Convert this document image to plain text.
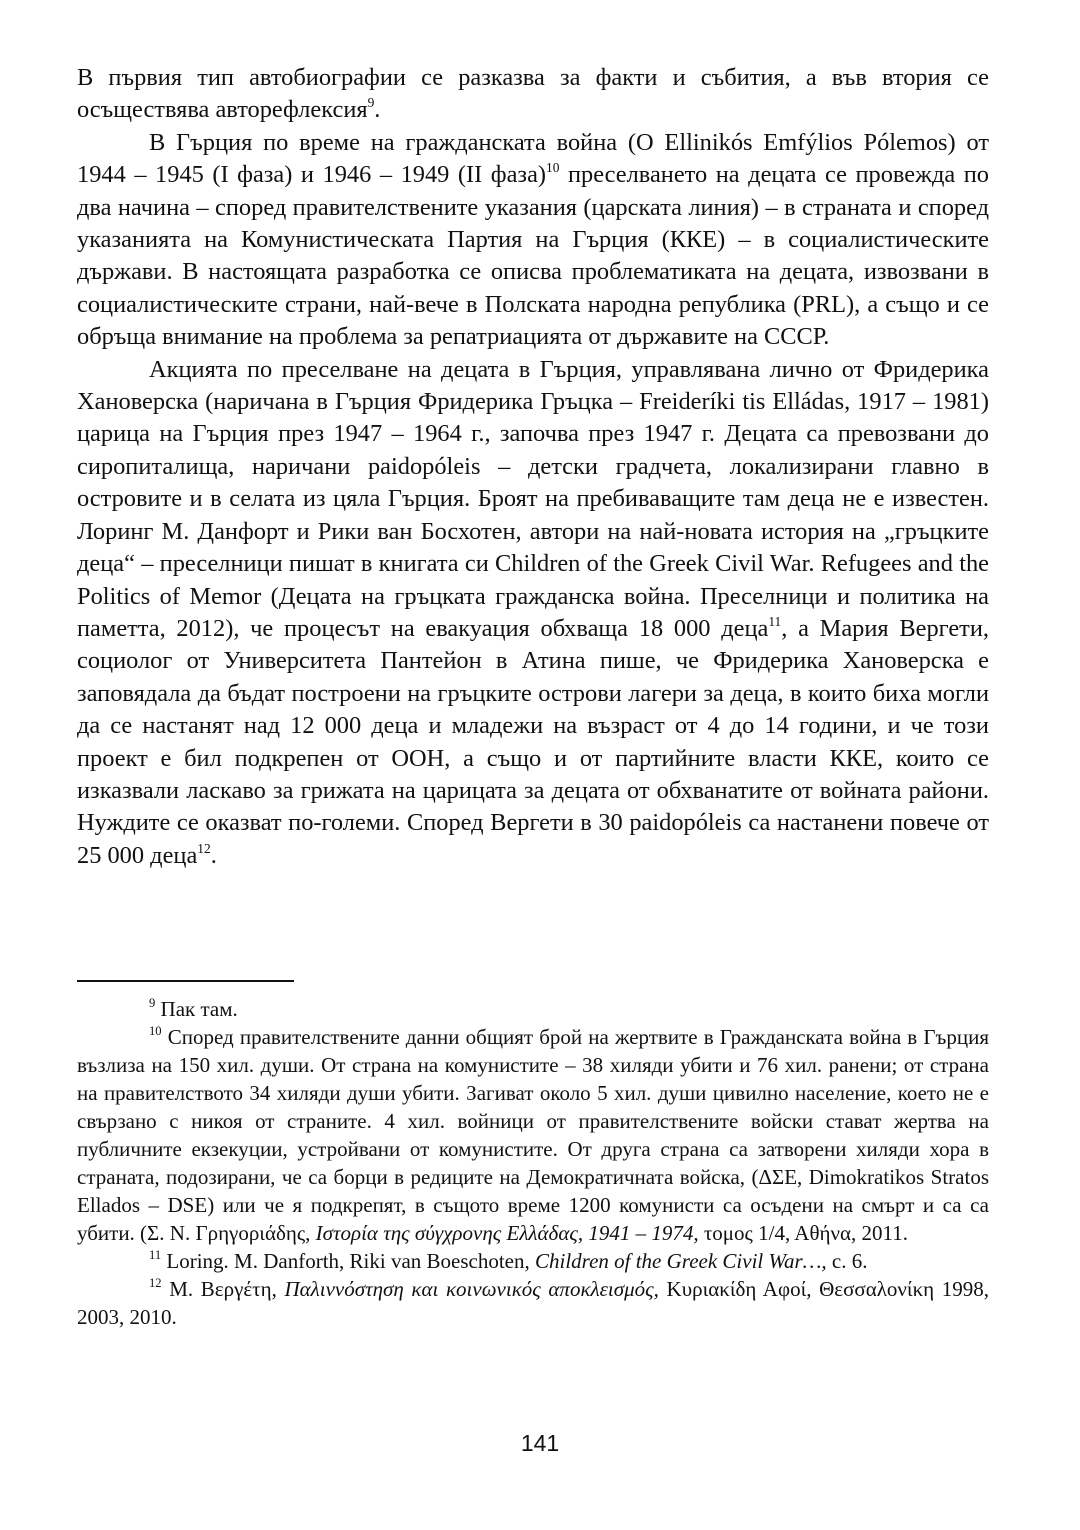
В първия тип автобиографии се разказва за факти и събития, а във втория се осъществява авторефлексия$^9$.

В Гърция по време на гражданската война (O Ellinikós Emfýlios Pólemos) от 1944 – 1945 (I фаза) и 1946 – 1949 (II фаза)$^{10}$ преселването на децата се провежда по два начина – според правителствените указания (царската линия) – в страната и според указанията на Комунистическата Партия на Гърция (ККЕ) – в социалистическите държави. В настоящата разработка се описва проблематиката на децата, извозвани в социалистическите страни, най-вече в Полската народна република (PRL), а също и се обръща внимание на проблема за репатриацията от държавите на СССР.

Акцията по преселване на децата в Гърция, управлявана лично от Фридерика Хановерска (наричана в Гърция Фридерика Гръцка – Freideríki tis Elládas, 1917 – 1981) царица на Гърция през 1947 – 1964 г., започва през 1947 г. Децата са превозвани до сиропиталища, наричани paidopóleis – детски градчета, локализирани главно в островите и в селата из цяла Гърция. Броят на пребиваващите там деца не е известен. Лоринг М. Данфорт и Рики ван Босхотен, автори на най-новата история на „гръцките деца“ – преселници пишат в книгата си Children of the Greek Civil War. Refugees and the Politics of Memor (Децата на гръцката гражданска война. Преселници и политика на паметта, 2012), че процесът на евакуация обхваща 18 000 деца$^{11}$, а Мария Вергети, социолог от Университета Пантейон в Атина пише, че Фридерика Хановерска е заповядала да бъдат построени на гръцките острови лагери за деца, в които биха могли да се настанят над 12 000 деца и младежи на възраст от 4 до 14 години, и че този проект е бил подкрепен от ООН, а също и от партийните власти ККЕ, които се изказвали ласкаво за грижата на царицата за децата от обхванатите от войната райони. Нуждите се оказват по-големи. Според Вергети в 30 paidopóleis са настанени повече от 25 000 деца$^{12}$.

$^9$ Пак там.

$^{10}$ Според правителствените данни общият брой на жертвите в Гражданската война в Гърция възлиза на 150 хил. души. От страна на комунистите – 38 хиляди убити и 76 хил. ранени; от страна на правителството 34 хиляди души убити. Загиват около 5 хил. души цивилно население, което не е свързано с никоя от страните. 4 хил. войници от правителствените войски стават жертва на публичните екзекуции, устройвани от комунистите. От друга страна са затворени хиляди хора в страната, подозирани, че са борци в редиците на Демократичната войска, (ΔΣΕ, Dimokratikos Stratos Ellados – DSE) или че я подкрепят, в същото време 1200 комунисти са осъдени на смърт и са са убити. (Σ. Ν. Γρηγοριάδης, Ιστορία της σύγχρονης Ελλάδας, 1941 – 1974, τομος 1/4, Αθήνα, 2011.

$^{11}$ Loring. M. Danforth, Riki van Boeschoten, Children of the Greek Civil War…, с. 6.

$^{12}$ Μ. Βεργέτη, Παλιννόστηση και κοινωνικός αποκλεισμός, Κυριακίδη Αφοί, Θεσσαλονίκη 1998, 2003, 2010.

141
